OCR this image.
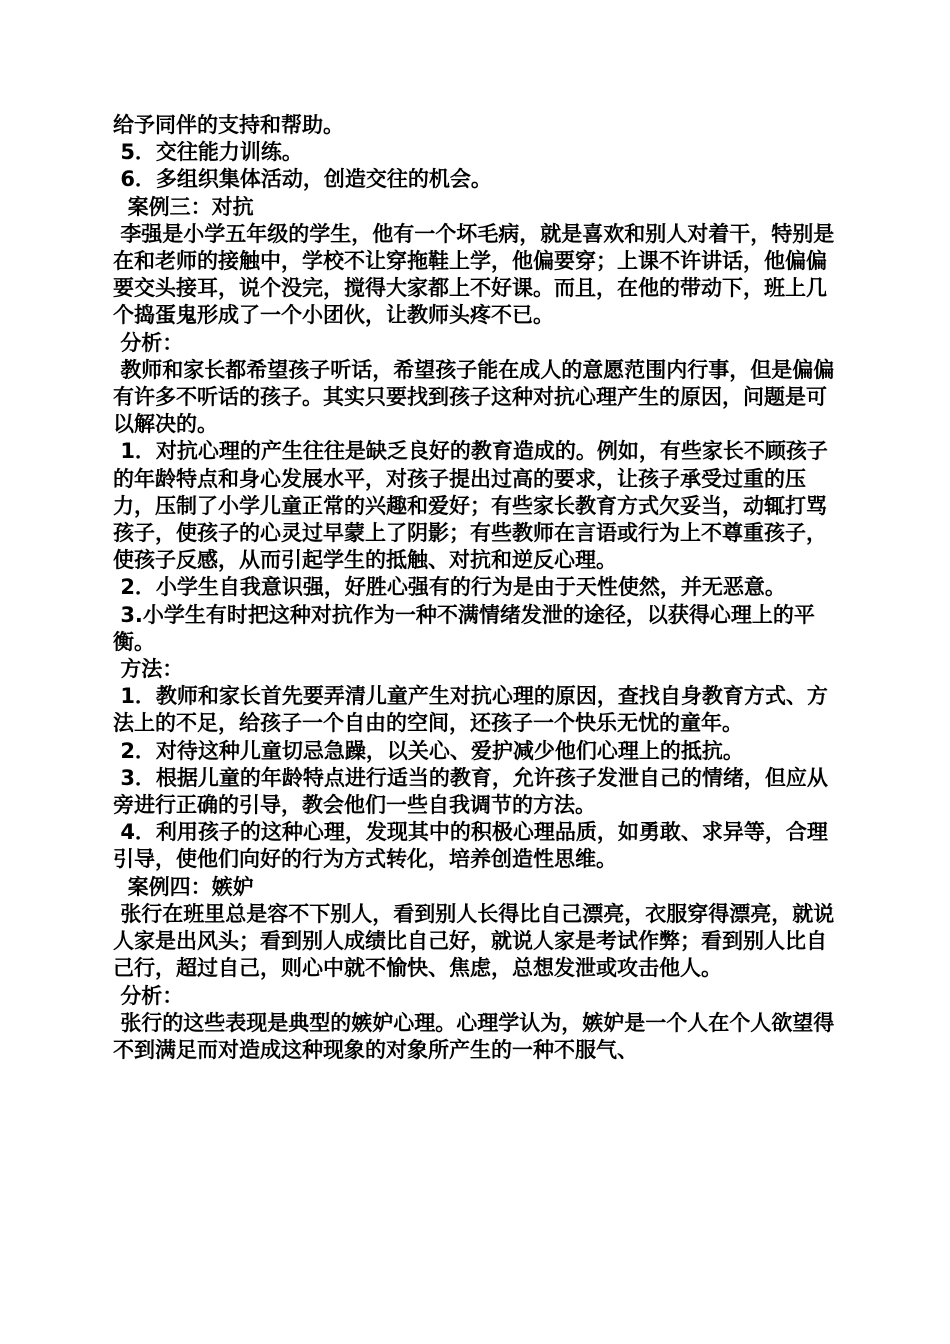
给予同伴的支持和帮助。

5．交往能力训练。

6．多组织集体活动，创造交往的机会。

案例三：对抗

李强是小学五年级的学生，他有一个坏毛病，就是喜欢和别人对着干，特别是在和老师的接触中，学校不让穿拖鞋上学，他偏要穿；上课不许讲话，他偏偏要交头接耳，说个没完，搅得大家都上不好课。而且，在他的带动下，班上几个捣蛋鬼形成了一个小团伙，让教师头疼不已。

分析：

教师和家长都希望孩子听话，希望孩子能在成人的意愿范围内行事，但是偏偏有许多不听话的孩子。其实只要找到孩子这种对抗心理产生的原因，问题是可以解决的。

1．对抗心理的产生往往是缺乏良好的教育造成的。例如，有些家长不顾孩子的年龄特点和身心发展水平，对孩子提出过高的要求，让孩子承受过重的压力，压制了小学儿童正常的兴趣和爱好；有些家长教育方式欠妥当，动辄打骂孩子，使孩子的心灵过早蒙上了阴影；有些教师在言语或行为上不尊重孩子，使孩子反感，从而引起学生的抵触、对抗和逆反心理。

2．小学生自我意识强，好胜心强有的行为是由于天性使然，并无恶意。

3.小学生有时把这种对抗作为一种不满情绪发泄的途径，以获得心理上的平衡。

方法：

1．教师和家长首先要弄清儿童产生对抗心理的原因，查找自身教育方式、方法上的不足，给孩子一个自由的空间，还孩子一个快乐无忧的童年。

2．对待这种儿童切忌急躁，以关心、爱护减少他们心理上的抵抗。

3．根据儿童的年龄特点进行适当的教育，允许孩子发泄自己的情绪，但应从旁进行正确的引导，教会他们一些自我调节的方法。

4．利用孩子的这种心理，发现其中的积极心理品质，如勇敢、求异等，合理引导，使他们向好的行为方式转化，培养创造性思维。

案例四：嫉妒

张行在班里总是容不下别人，看到别人长得比自己漂亮，衣服穿得漂亮，就说人家是出风头；看到别人成绩比自己好，就说人家是考试作弊；看到别人比自己行，超过自己，则心中就不愉快、焦虑，总想发泄或攻击他人。

分析：

张行的这些表现是典型的嫉妒心理。心理学认为，嫉妒是一个人在个人欲望得不到满足而对造成这种现象的对象所产生的一种不服气、
